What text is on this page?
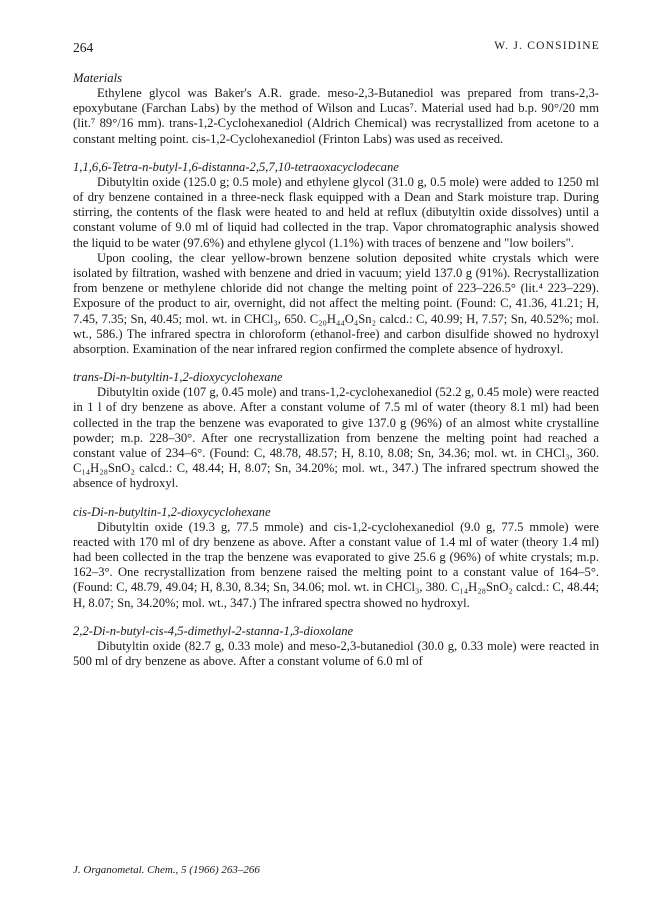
264	W. J. CONSIDINE

Materials

Ethylene glycol was Baker's A.R. grade. meso-2,3-Butanediol was prepared from trans-2,3-epoxybutane (Farchan Labs) by the method of Wilson and Lucas⁷. Material used had b.p. 90°/20 mm (lit.⁷ 89°/16 mm). trans-1,2-Cyclohexanediol (Aldrich Chemical) was recrystallized from acetone to a constant melting point. cis-1,2-Cyclohexanediol (Frinton Labs) was used as received.

1,1,6,6-Tetra-n-butyl-1,6-distanna-2,5,7,10-tetraoxacyclodecane

Dibutyltin oxide (125.0 g; 0.5 mole) and ethylene glycol (31.0 g, 0.5 mole) were added to 1250 ml of dry benzene contained in a three-neck flask equipped with a Dean and Stark moisture trap. During stirring, the contents of the flask were heated to and held at reflux (dibutyltin oxide dissolves) until a constant volume of 9.0 ml of liquid had collected in the trap. Vapor chromatographic analysis showed the liquid to be water (97.6%) and ethylene glycol (1.1%) with traces of benzene and "low boilers".

Upon cooling, the clear yellow-brown benzene solution deposited white crystals which were isolated by filtration, washed with benzene and dried in vacuum; yield 137.0 g (91%). Recrystallization from benzene or methylene chloride did not change the melting point of 223–226.5° (lit.⁴ 223–229). Exposure of the product to air, overnight, did not affect the melting point. (Found: C, 41.36, 41.21; H, 7.45, 7.35; Sn, 40.45; mol. wt. in CHCl₃, 650. C₂₀H₄₄O₄Sn₂ calcd.: C, 40.99; H, 7.57; Sn, 40.52%; mol. wt., 586.) The infrared spectra in chloroform (ethanol-free) and carbon disulfide showed no hydroxyl absorption. Examination of the near infrared region confirmed the complete absence of hydroxyl.

trans-Di-n-butyltin-1,2-dioxycyclohexane

Dibutyltin oxide (107 g, 0.45 mole) and trans-1,2-cyclohexanediol (52.2 g, 0.45 mole) were reacted in 1 l of dry benzene as above. After a constant volume of 7.5 ml of water (theory 8.1 ml) had been collected in the trap the benzene was evaporated to give 137.0 g (96%) of an almost white crystalline powder; m.p. 228–30°. After one recrystallization from benzene the melting point had reached a constant value of 234–6°. (Found: C, 48.78, 48.57; H, 8.10, 8.08; Sn, 34.36; mol. wt. in CHCl₃, 360. C₁₄H₂₈SnO₂ calcd.: C, 48.44; H, 8.07; Sn, 34.20%; mol. wt., 347.) The infrared spectrum showed the absence of hydroxyl.

cis-Di-n-butyltin-1,2-dioxycyclohexane

Dibutyltin oxide (19.3 g, 77.5 mmole) and cis-1,2-cyclohexanediol (9.0 g, 77.5 mmole) were reacted with 170 ml of dry benzene as above. After a constant value of 1.4 ml of water (theory 1.4 ml) had been collected in the trap the benzene was evaporated to give 25.6 g (96%) of white crystals; m.p. 162–3°. One recrystallization from benzene raised the melting point to a constant value of 164–5°. (Found: C, 48.79, 49.04; H, 8.30, 8.34; Sn, 34.06; mol. wt. in CHCl₃, 380. C₁₄H₂₈SnO₂ calcd.: C, 48.44; H, 8.07; Sn, 34.20%; mol. wt., 347.) The infrared spectra showed no hydroxyl.

2,2-Di-n-butyl-cis-4,5-dimethyl-2-stanna-1,3-dioxolane

Dibutyltin oxide (82.7 g, 0.33 mole) and meso-2,3-butanediol (30.0 g, 0.33 mole) were reacted in 500 ml of dry benzene as above. After a constant volume of 6.0 ml of

J. Organometal. Chem., 5 (1966) 263–266
